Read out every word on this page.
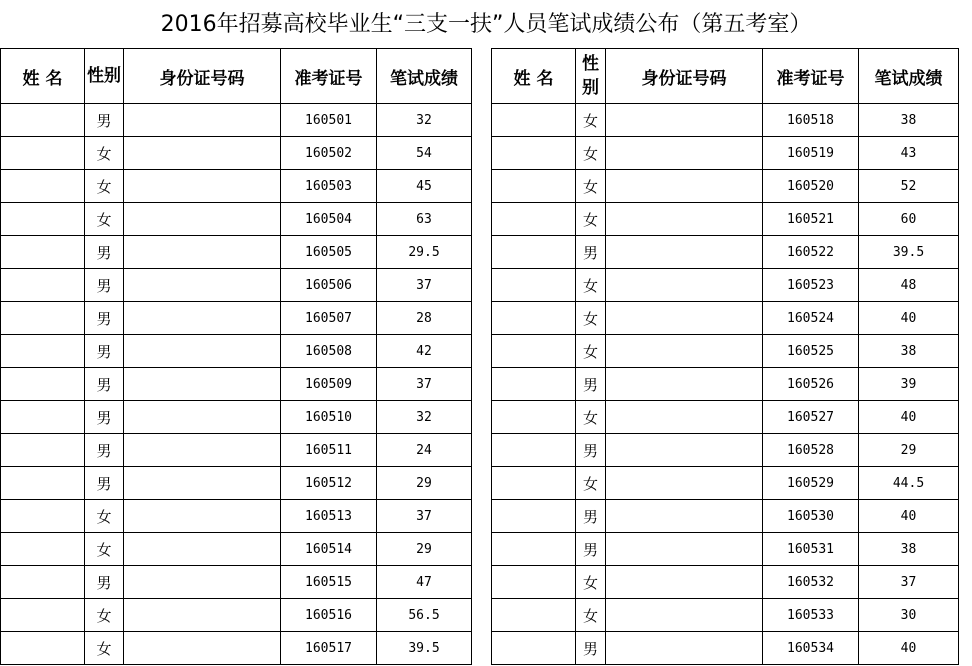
2016年招募高校毕业生“三支一扶”人员笔试成绩公布（第五考室）
姓 名	性别	身份证号码	准考证号	笔试成绩		姓 名	性别	身份证号码	准考证号	笔试成绩
	男		160501	32			女		160518	38
	女		160502	54			女		160519	43
	女		160503	45			女		160520	52
	女		160504	63			女		160521	60
	男		160505	29.5			男		160522	39.5
	男		160506	37			女		160523	48
	男		160507	28			女		160524	40
	男		160508	42			女		160525	38
	男		160509	37			男		160526	39
	男		160510	32			女		160527	40
	男		160511	24			男		160528	29
	男		160512	29			女		160529	44.5
	女		160513	37			男		160530	40
	女		160514	29			男		160531	38
	男		160515	47			女		160532	37
	女		160516	56.5			女		160533	30
	女		160517	39.5			男		160534	40
